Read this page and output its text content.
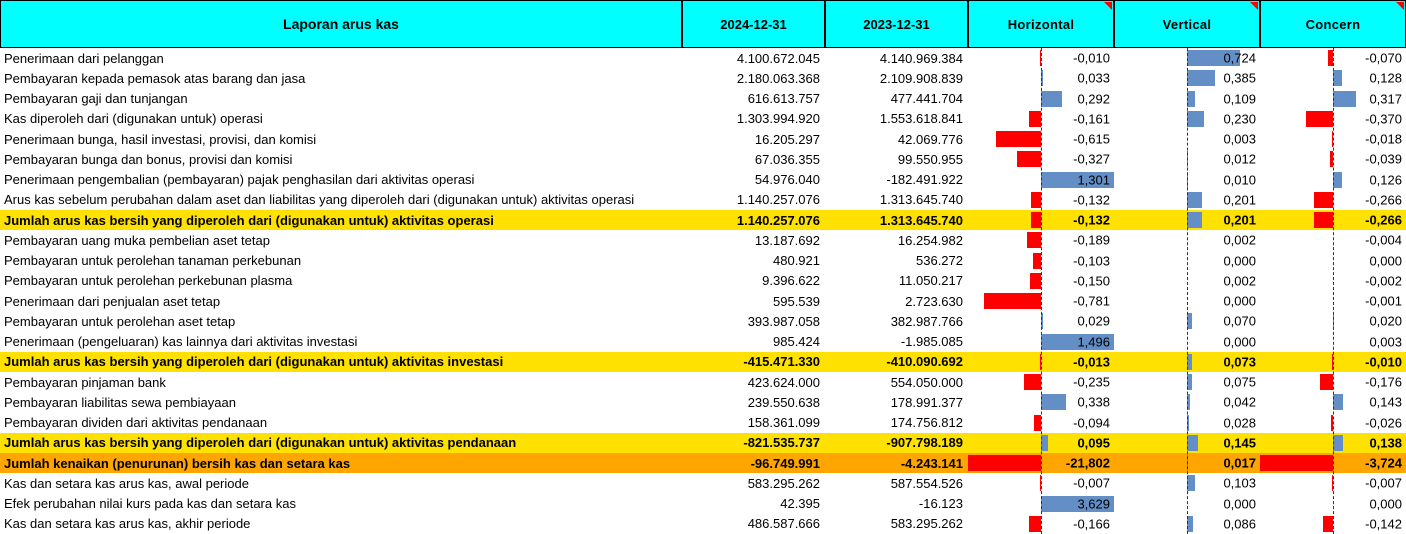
Laporan arus kas	2024-12-31	2023-12-31	Horizontal	Vertical	Concern
Penerimaan dari pelanggan	4.100.672.045	4.140.969.384	-0,010	0,724	-0,070
Pembayaran kepada pemasok atas barang dan jasa	2.180.063.368	2.109.908.839	0,033	0,385	0,128
Pembayaran gaji dan tunjangan	616.613.757	477.441.704	0,292	0,109	0,317
Kas diperoleh dari (digunakan untuk) operasi	1.303.994.920	1.553.618.841	-0,161	0,230	-0,370
Penerimaan bunga, hasil investasi, provisi, dan komisi	16.205.297	42.069.776	-0,615	0,003	-0,018
Pembayaran bunga dan bonus, provisi dan komisi	67.036.355	99.550.955	-0,327	0,012	-0,039
Penerimaan pengembalian (pembayaran) pajak penghasilan dari aktivitas operasi	54.976.040	-182.491.922	1,301	0,010	0,126
Arus kas sebelum perubahan dalam aset dan liabilitas yang diperoleh dari (digunakan untuk) aktivitas operasi	1.140.257.076	1.313.645.740	-0,132	0,201	-0,266
Jumlah arus kas bersih yang diperoleh dari (digunakan untuk) aktivitas operasi	1.140.257.076	1.313.645.740	-0,132	0,201	-0,266
Pembayaran uang muka pembelian aset tetap	13.187.692	16.254.982	-0,189	0,002	-0,004
Pembayaran untuk perolehan tanaman perkebunan	480.921	536.272	-0,103	0,000	0,000
Pembayaran untuk perolehan perkebunan plasma	9.396.622	11.050.217	-0,150	0,002	-0,002
Penerimaan dari penjualan aset tetap	595.539	2.723.630	-0,781	0,000	-0,001
Pembayaran untuk perolehan aset tetap	393.987.058	382.987.766	0,029	0,070	0,020
Penerimaan (pengeluaran) kas lainnya dari aktivitas investasi	985.424	-1.985.085	1,496	0,000	0,003
Jumlah arus kas bersih yang diperoleh dari (digunakan untuk) aktivitas investasi	-415.471.330	-410.090.692	-0,013	0,073	-0,010
Pembayaran pinjaman bank	423.624.000	554.050.000	-0,235	0,075	-0,176
Pembayaran liabilitas sewa pembiayaan	239.550.638	178.991.377	0,338	0,042	0,143
Pembayaran dividen dari aktivitas pendanaan	158.361.099	174.756.812	-0,094	0,028	-0,026
Jumlah arus kas bersih yang diperoleh dari (digunakan untuk) aktivitas pendanaan	-821.535.737	-907.798.189	0,095	0,145	0,138
Jumlah kenaikan (penurunan) bersih kas dan setara kas	-96.749.991	-4.243.141	-21,802	0,017	-3,724
Kas dan setara kas arus kas, awal periode	583.295.262	587.554.526	-0,007	0,103	-0,007
Efek perubahan nilai kurs pada kas dan setara kas	42.395	-16.123	3,629	0,000	0,000
Kas dan setara kas arus kas, akhir periode	486.587.666	583.295.262	-0,166	0,086	-0,142
